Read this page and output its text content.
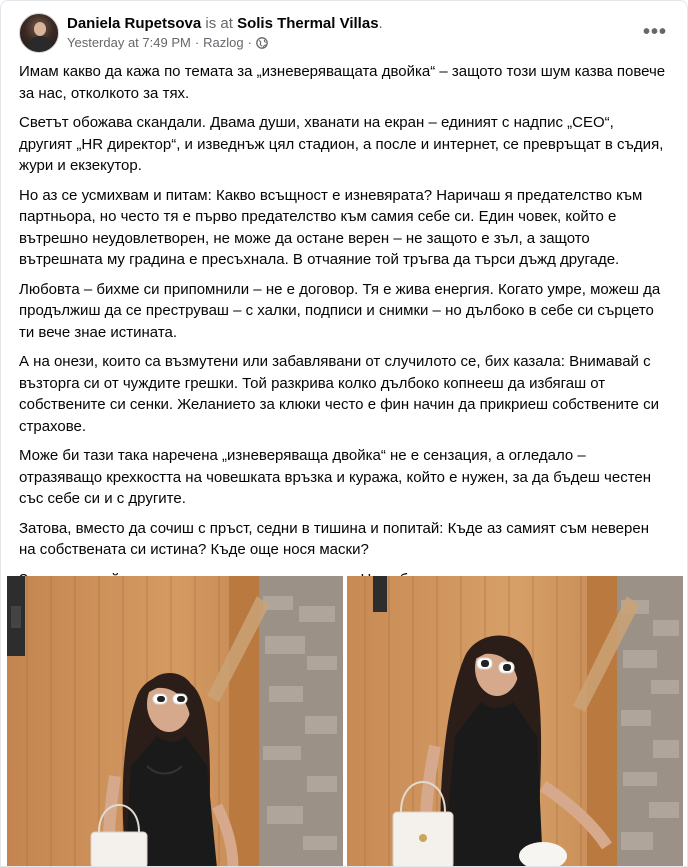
Daniela Rupetsova is at Solis Thermal Villas.
Yesterday at 7:49 PM · Razlog ·	•••

Имам какво да кажа по темата за „изневеряващата двойка“ – защото този шум казва повече за нас, отколкото за тях.

Светът обожава скандали. Двама души, хванати на екран – единият с надпис „CEO“, другият „HR директор“, и изведнъж цял стадион, а после и интернет, се превръщат в съдия, жури и екзекутор.

Но аз се усмихвам и питам: Какво всъщност е изневярата? Наричаш я предателство към партньора, но често тя е първо предателство към самия себе си. Един човек, който е вътрешно неудовлетворен, не може да остане верен – не защото е зъл, а защото вътрешната му градина е пресъхнала. В отчаяние той тръгва да търси дъжд другаде.

Любовта – бихме си припомнили – не е договор. Тя е жива енергия. Когато умре, можеш да продължиш да се преструваш – с халки, подписи и снимки – но дълбоко в себе си сърцето ти вече знае истината.

А на онези, които са възмутени или забавлявани от случилото се, бих казала: Внимавай с възторга си от чуждите грешки. Той разкрива колко дълбоко копнееш да избягаш от собствените си сенки. Желанието за клюки често е фин начин да прикриеш собствените си страхове.

Може би тази така наречена „изневеряваща двойка“ не е сензация, а огледало – отразяващо крехкостта на човешката връзка и куража, който е нужен, за да бъдеш честен със себе си и с другите.

Затова, вместо да сочиш с пръст, седни в тишина и попитай: Къде аз самият съм неверен на собствената си истина? Къде още нося маски?
